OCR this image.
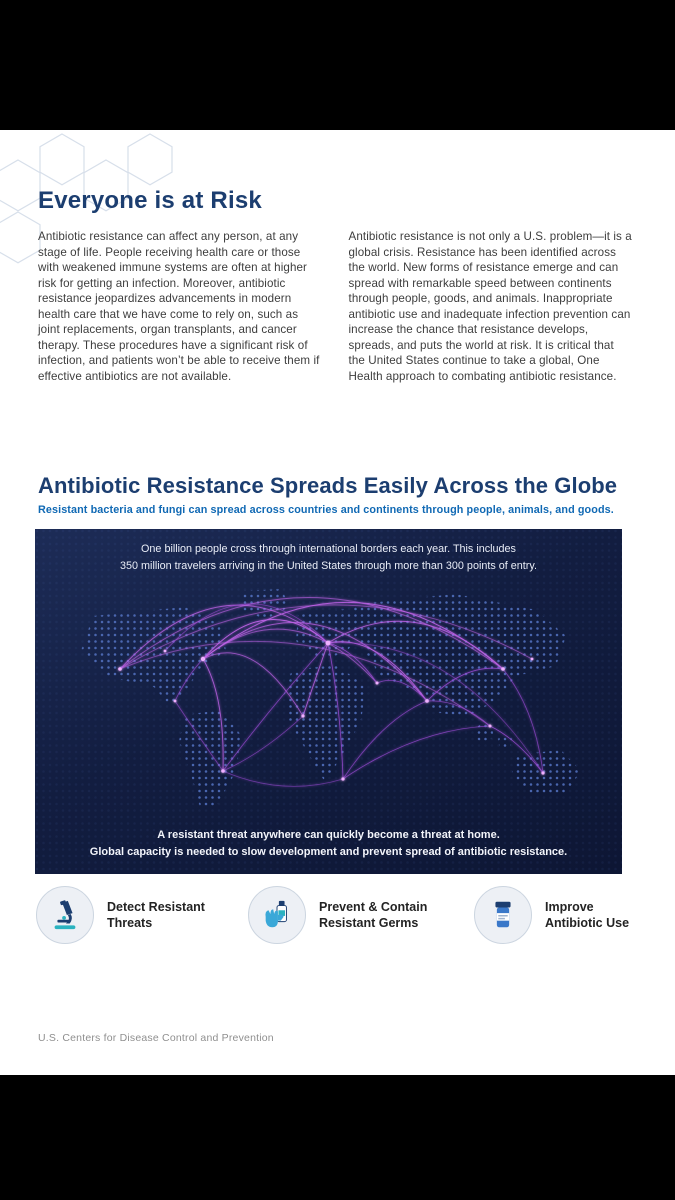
Everyone is at Risk
Antibiotic resistance can affect any person, at any stage of life. People receiving health care or those with weakened immune systems are often at higher risk for getting an infection. Moreover, antibiotic resistance jeopardizes advancements in modern health care that we have come to rely on, such as joint replacements, organ transplants, and cancer therapy. These procedures have a significant risk of infection, and patients won’t be able to receive them if effective antibiotics are not available.
Antibiotic resistance is not only a U.S. problem—it is a global crisis. Resistance has been identified across the world. New forms of resistance emerge and can spread with remarkable speed between continents through people, goods, and animals. Inappropriate antibiotic use and inadequate infection prevention can increase the chance that resistance develops, spreads, and puts the world at risk. It is critical that the United States continue to take a global, One Health approach to combating antibiotic resistance.
Antibiotic Resistance Spreads Easily Across the Globe
Resistant bacteria and fungi can spread across countries and continents through people, animals, and goods.
One billion people cross through international borders each year. This includes
350 million travelers arriving in the United States through more than 300 points of entry.
A resistant threat anywhere can quickly become a threat at home.
Global capacity is needed to slow development and prevent spread of antibiotic resistance.
Detect Resistant Threats
Prevent & Contain Resistant Germs
Improve Antibiotic Use
U.S. Centers for Disease Control and Prevention
